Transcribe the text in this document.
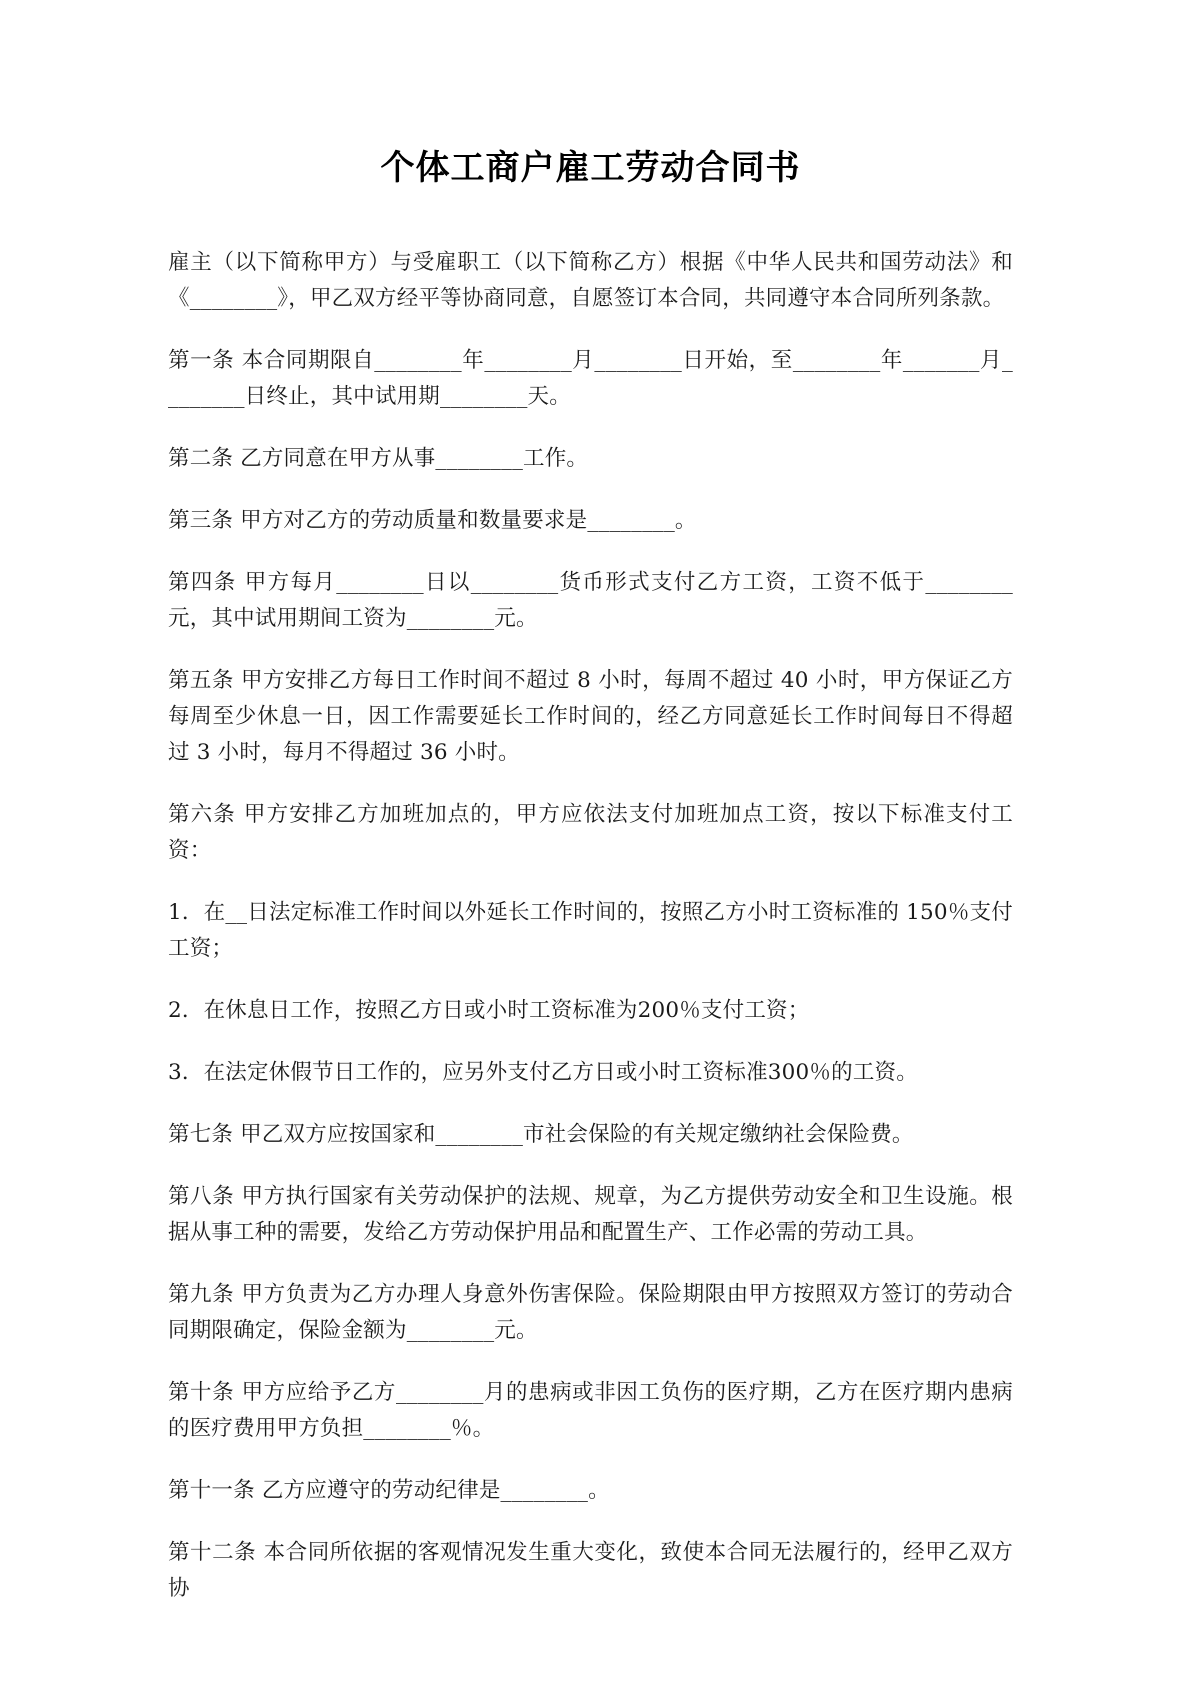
个体工商户雇工劳动合同书

雇主（以下简称甲方）与受雇职工（以下简称乙方）根据《中华人民共和国劳动法》和《________》，甲乙双方经平等协商同意，自愿签订本合同，共同遵守本合同所列条款。

第一条 本合同期限自________年________月________日开始，至________年_______月________日终止，其中试用期________天。

第二条 乙方同意在甲方从事________工作。

第三条 甲方对乙方的劳动质量和数量要求是________。

第四条 甲方每月________日以________货币形式支付乙方工资，工资不低于________元，其中试用期间工资为________元。

第五条 甲方安排乙方每日工作时间不超过 8 小时，每周不超过 40 小时，甲方保证乙方每周至少休息一日，因工作需要延长工作时间的，经乙方同意延长工作时间每日不得超过 3 小时，每月不得超过 36 小时。

第六条 甲方安排乙方加班加点的，甲方应依法支付加班加点工资，按以下标准支付工资：

1．在__日法定标准工作时间以外延长工作时间的，按照乙方小时工资标准的 150％支付工资；

2．在休息日工作，按照乙方日或小时工资标准为200％支付工资；

3．在法定休假节日工作的，应另外支付乙方日或小时工资标准300％的工资。

第七条 甲乙双方应按国家和________市社会保险的有关规定缴纳社会保险费。

第八条 甲方执行国家有关劳动保护的法规、规章，为乙方提供劳动安全和卫生设施。根据从事工种的需要，发给乙方劳动保护用品和配置生产、工作必需的劳动工具。

第九条 甲方负责为乙方办理人身意外伤害保险。保险期限由甲方按照双方签订的劳动合同期限确定，保险金额为________元。

第十条 甲方应给予乙方________月的患病或非因工负伤的医疗期，乙方在医疗期内患病的医疗费用甲方负担________％。

第十一条 乙方应遵守的劳动纪律是________。

第十二条 本合同所依据的客观情况发生重大变化，致使本合同无法履行的，经甲乙双方协
